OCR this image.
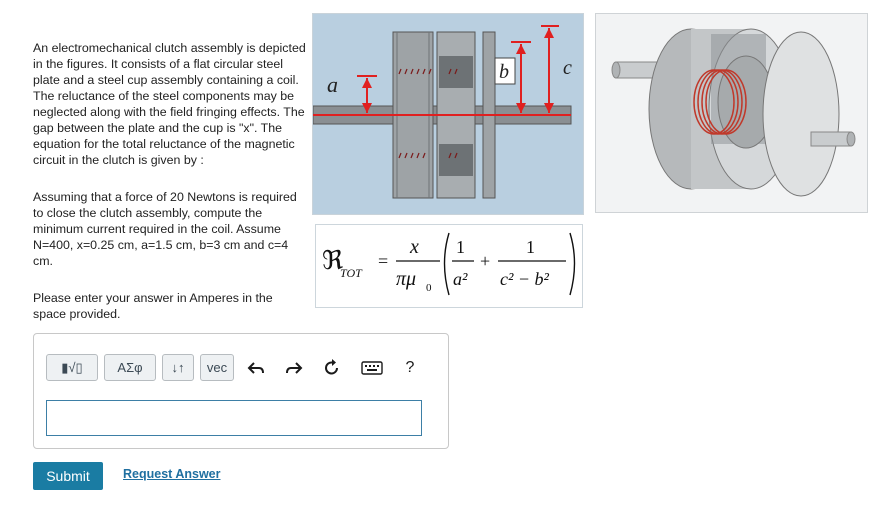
An electromechanical clutch assembly is depicted in the figures. It consists of a flat circular steel plate and a steel cup assembly containing a coil. The reluctance of the steel components may be neglected along with the field fringing effects. The gap between the plate and the cup is "x". The equation for the total reluctance of the magnetic circuit in the clutch is given by :

Assuming that a force of 20 Newtons is required to close the clutch assembly, compute the minimum current required in the coil. Assume N=400, x=0.25 cm, a=1.5 cm, b=3 cm and c=4 cm.

Please enter your answer in Amperes in the space provided.

a	b	c
ℜ
TOT
=
x
πμ 0
1
a²
+
1
c² − b²
▮√▯	ΑΣφ ↓↑ vec	?
Submit	Request Answer
